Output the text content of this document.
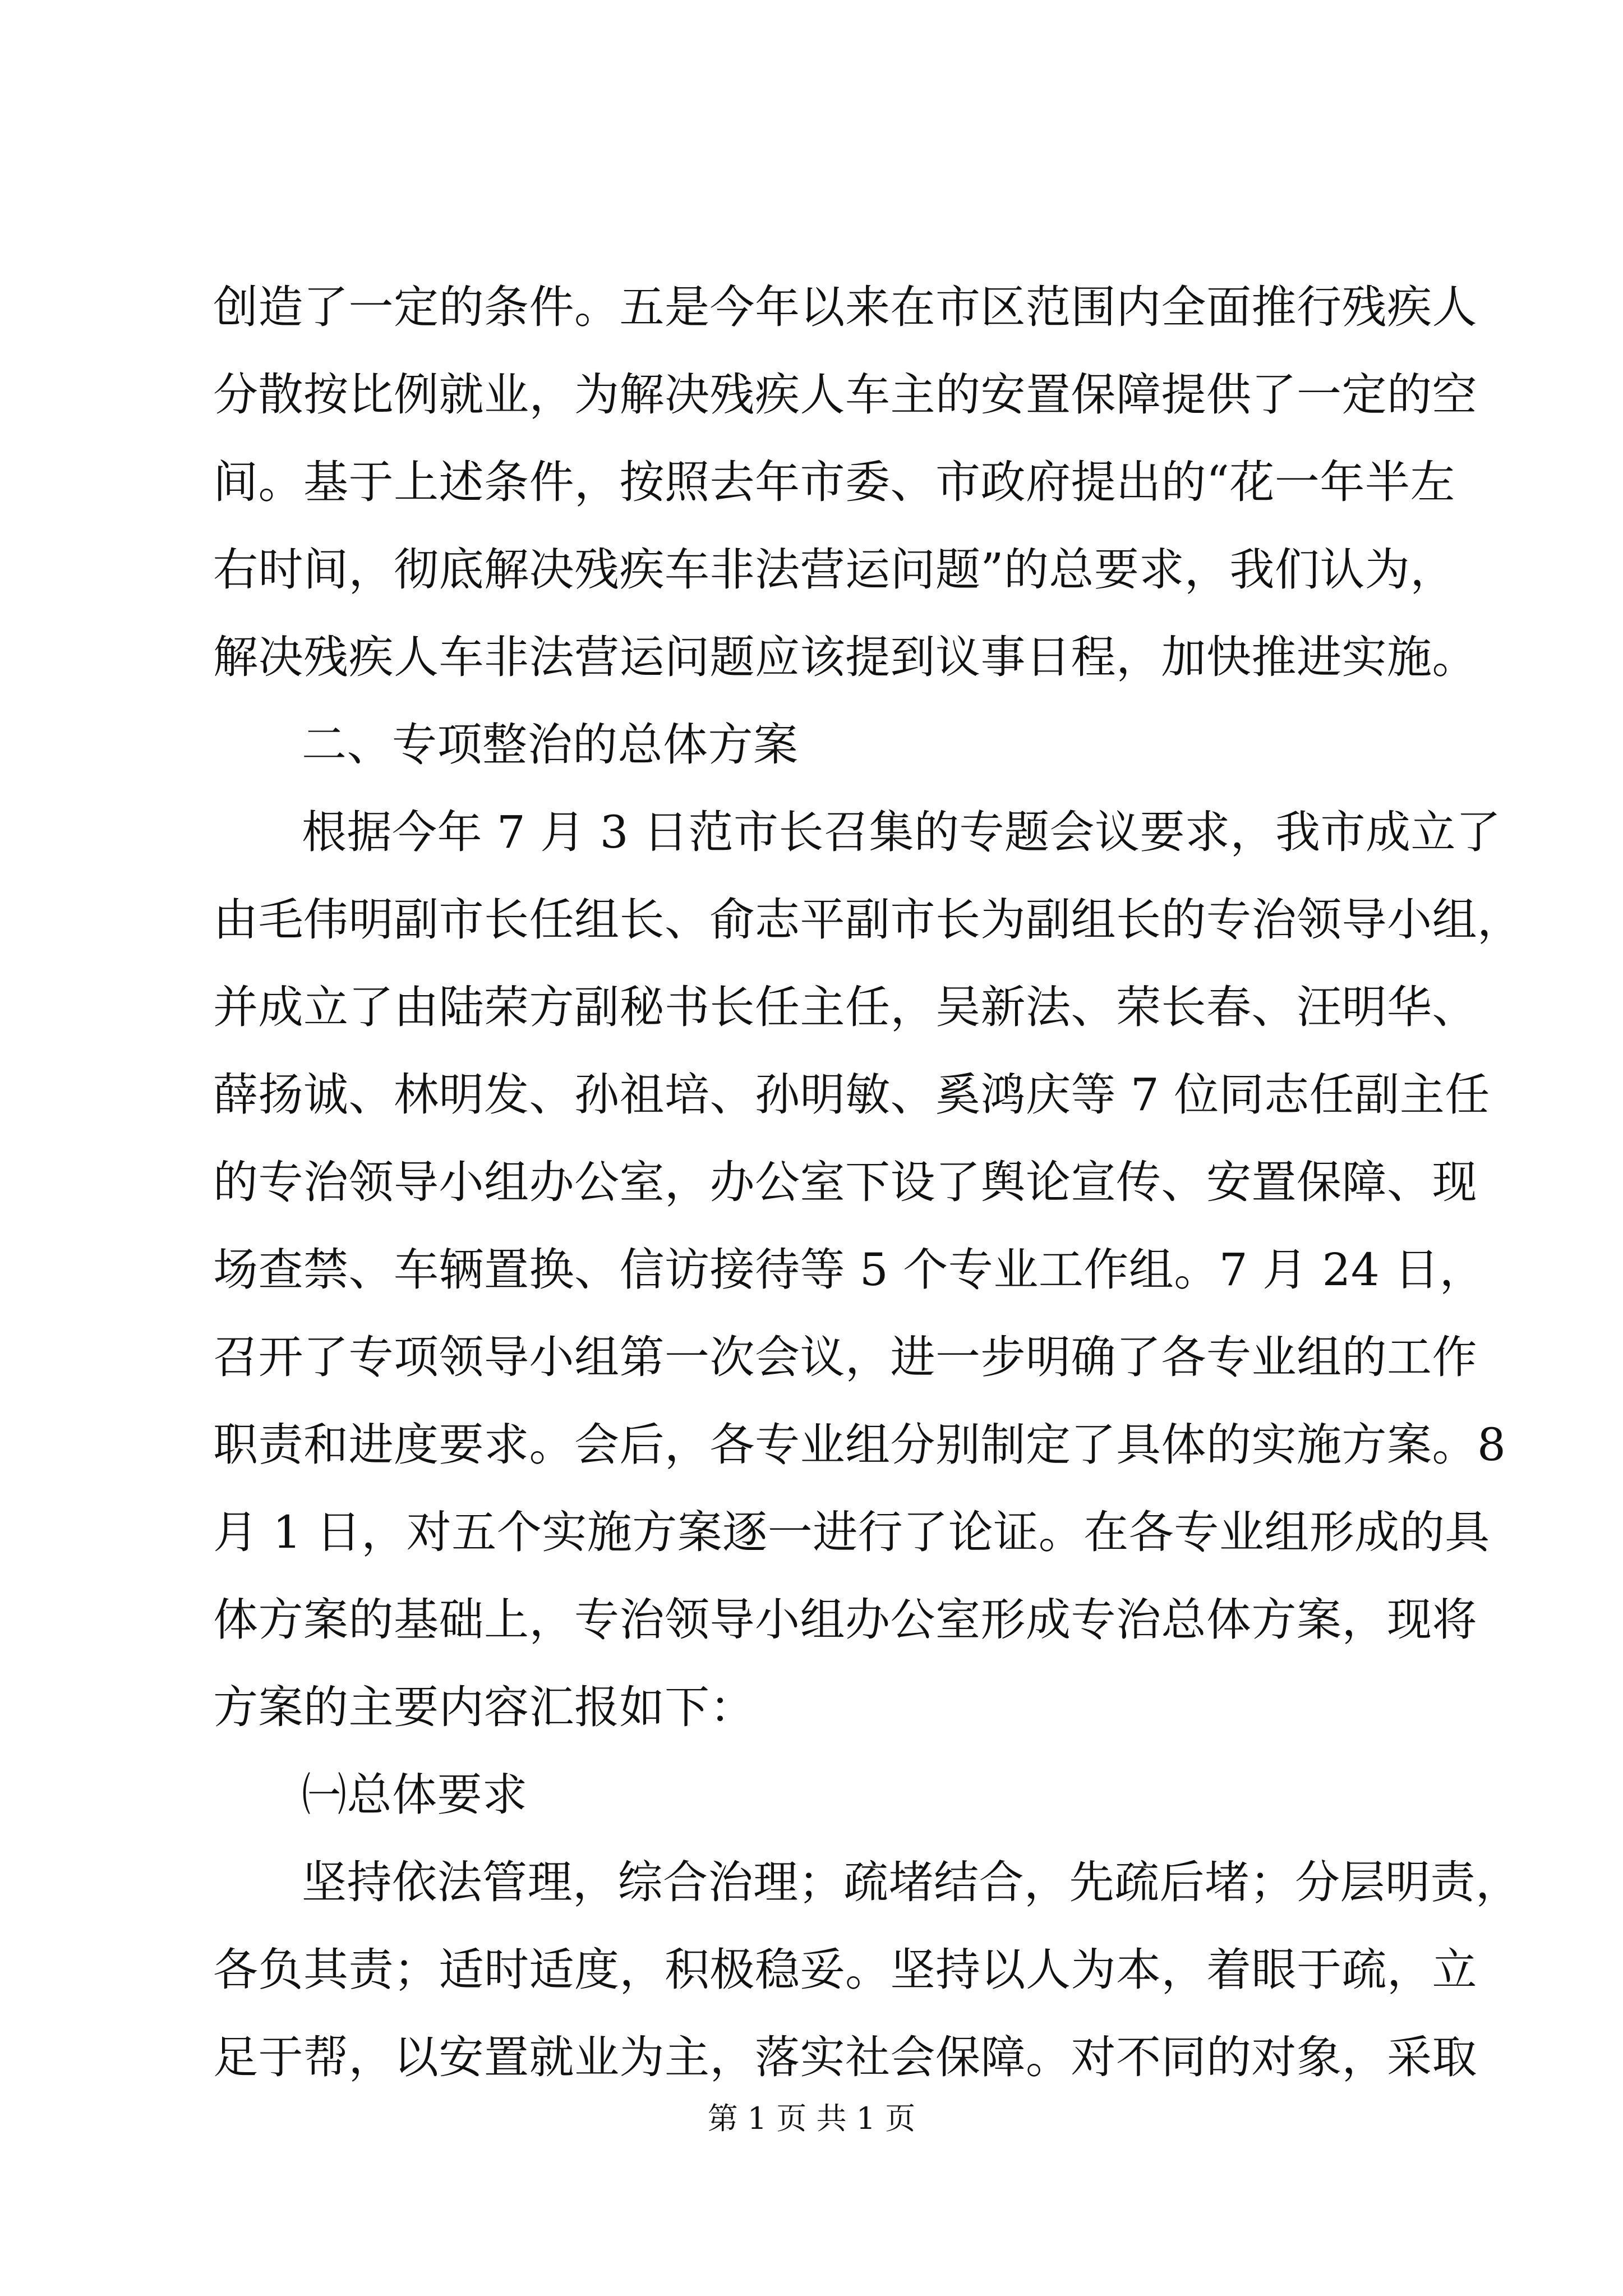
创造了一定的条件。五是今年以来在市区范围内全面推行残疾人
分散按比例就业，为解决残疾人车主的安置保障提供了一定的空
间。基于上述条件，按照去年市委、市政府提出的“花一年半左
右时间，彻底解决残疾车非法营运问题”的总要求，我们认为，
解决残疾人车非法营运问题应该提到议事日程，加快推进实施。
二、专项整治的总体方案
根据今年 7 月 3 日范市长召集的专题会议要求，我市成立了
由毛伟明副市长任组长、俞志平副市长为副组长的专治领导小组，
并成立了由陆荣方副秘书长任主任，吴新法、荣长春、汪明华、
薛扬诚、林明发、孙祖培、孙明敏、奚鸿庆等 7 位同志任副主任
的专治领导小组办公室，办公室下设了舆论宣传、安置保障、现
场查禁、车辆置换、信访接待等 5 个专业工作组。7 月 24 日，
召开了专项领导小组第一次会议，进一步明确了各专业组的工作
职责和进度要求。会后，各专业组分别制定了具体的实施方案。8
月 1 日，对五个实施方案逐一进行了论证。在各专业组形成的具
体方案的基础上，专治领导小组办公室形成专治总体方案，现将
方案的主要内容汇报如下：
㈠总体要求
坚持依法管理，综合治理；疏堵结合，先疏后堵；分层明责，
各负其责；适时适度，积极稳妥。坚持以人为本，着眼于疏，立
足于帮，以安置就业为主，落实社会保障。对不同的对象，采取
第 1 页 共 1 页
